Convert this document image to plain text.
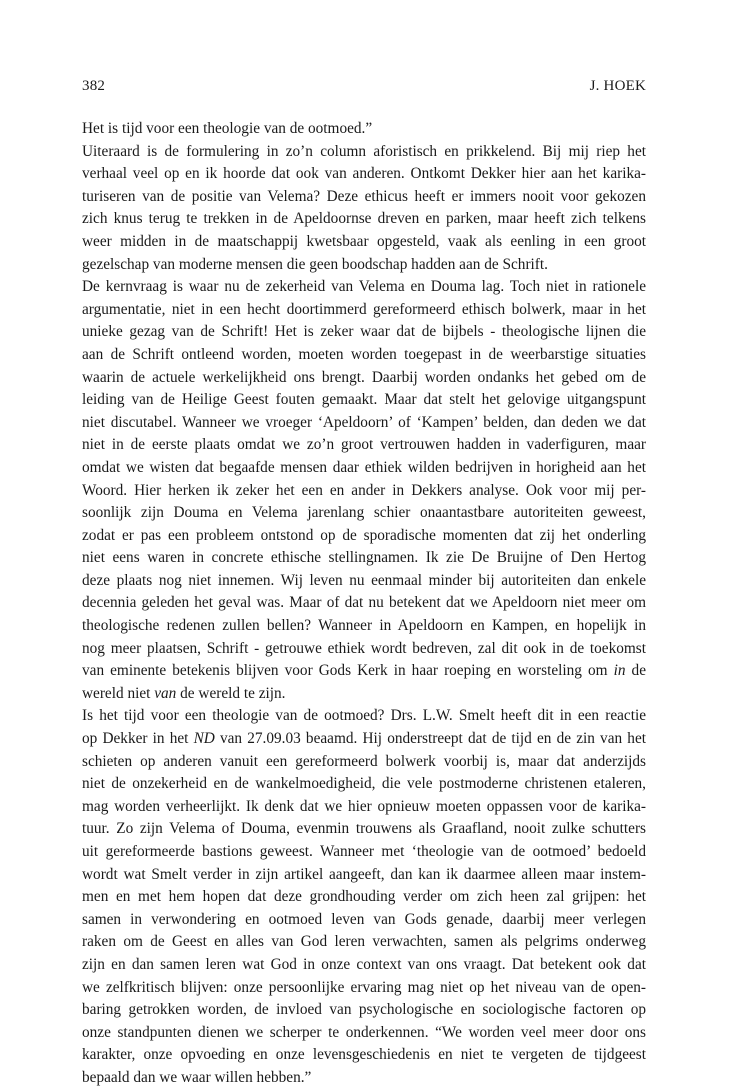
382	J. HOEK

Het is tijd voor een theologie van de ootmoed.”

Uiteraard is de formulering in zo’n column aforistisch en prikkelend. Bij mij riep het
verhaal veel op en ik hoorde dat ook van anderen. Ontkomt Dekker hier aan het karika-
turiseren van de positie van Velema? Deze ethicus heeft er immers nooit voor gekozen
zich knus terug te trekken in de Apeldoornse dreven en parken, maar heeft zich telkens
weer midden in de maatschappij kwetsbaar opgesteld, vaak als eenling in een groot
gezelschap van moderne mensen die geen boodschap hadden aan de Schrift.

De kernvraag is waar nu de zekerheid van Velema en Douma lag. Toch niet in rationele
argumentatie, niet in een hecht doortimmerd gereformeerd ethisch bolwerk, maar in het
unieke gezag van de Schrift! Het is zeker waar dat de bijbels - theologische lijnen die
aan de Schrift ontleend worden, moeten worden toegepast in de weerbarstige situaties
waarin de actuele werkelijkheid ons brengt. Daarbij worden ondanks het gebed om de
leiding van de Heilige Geest fouten gemaakt. Maar dat stelt het gelovige uitgangspunt
niet discutabel. Wanneer we vroeger ‘Apeldoorn’ of ‘Kampen’ belden, dan deden we dat
niet in de eerste plaats omdat we zo’n groot vertrouwen hadden in vaderfiguren, maar
omdat we wisten dat begaafde mensen daar ethiek wilden bedrijven in horigheid aan het
Woord. Hier herken ik zeker het een en ander in Dekkers analyse. Ook voor mij per-
soonlijk zijn Douma en Velema jarenlang schier onaantastbare autoriteiten geweest,
zodat er pas een probleem ontstond op de sporadische momenten dat zij het onderling
niet eens waren in concrete ethische stellingnamen. Ik zie De Bruijne of Den Hertog
deze plaats nog niet innemen. Wij leven nu eenmaal minder bij autoriteiten dan enkele
decennia geleden het geval was. Maar of dat nu betekent dat we Apeldoorn niet meer om
theologische redenen zullen bellen? Wanneer in Apeldoorn en Kampen, en hopelijk in
nog meer plaatsen, Schrift - getrouwe ethiek wordt bedreven, zal dit ook in de toekomst
van eminente betekenis blijven voor Gods Kerk in haar roeping en worsteling om in de
wereld niet van de wereld te zijn.

Is het tijd voor een theologie van de ootmoed? Drs. L.W. Smelt heeft dit in een reactie
op Dekker in het ND van 27.09.03 beaamd. Hij onderstreept dat de tijd en de zin van het
schieten op anderen vanuit een gereformeerd bolwerk voorbij is, maar dat anderzijds
niet de onzekerheid en de wankelmoedigheid, die vele postmoderne christenen etaleren,
mag worden verheerlijkt. Ik denk dat we hier opnieuw moeten oppassen voor de karika-
tuur. Zo zijn Velema of Douma, evenmin trouwens als Graafland, nooit zulke schutters
uit gereformeerde bastions geweest. Wanneer met ‘theologie van de ootmoed’ bedoeld
wordt wat Smelt verder in zijn artikel aangeeft, dan kan ik daarmee alleen maar instem-
men en met hem hopen dat deze grondhouding verder om zich heen zal grijpen: het
samen in verwondering en ootmoed leven van Gods genade, daarbij meer verlegen
raken om de Geest en alles van God leren verwachten, samen als pelgrims onderweg
zijn en dan samen leren wat God in onze context van ons vraagt. Dat betekent ook dat
we zelfkritisch blijven: onze persoonlijke ervaring mag niet op het niveau van de open-
baring getrokken worden, de invloed van psychologische en sociologische factoren op
onze standpunten dienen we scherper te onderkennen. “We worden veel meer door ons
karakter, onze opvoeding en onze levensgeschiedenis en niet te vergeten de tijdgeest
bepaald dan we waar willen hebben.”
